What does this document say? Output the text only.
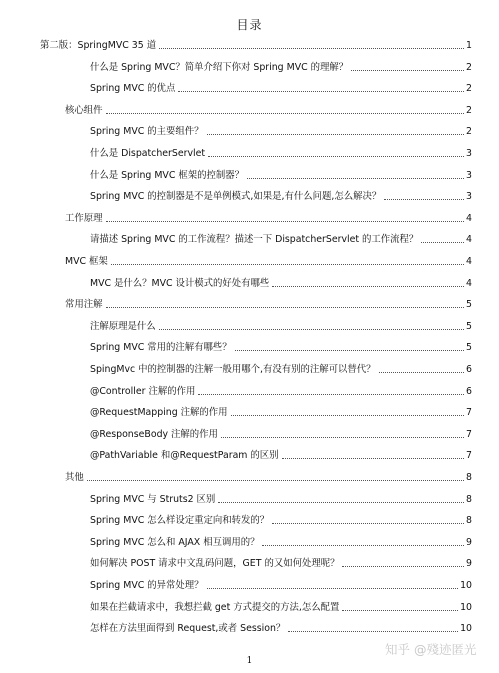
目录
第二版：SpringMVC 35 道	1
什么是 Spring MVC？简单介绍下你对 Spring MVC 的理解？	2
Spring MVC 的优点	2
核心组件	2
Spring MVC 的主要组件？	2
什么是 DispatcherServlet	3
什么是 Spring MVC 框架的控制器？	3
Spring MVC 的控制器是不是单例模式,如果是,有什么问题,怎么解决？	3
工作原理	4
请描述 Spring MVC 的工作流程？描述一下 DispatcherServlet 的工作流程？	4
MVC 框架	4
MVC 是什么？MVC 设计模式的好处有哪些	4
常用注解	5
注解原理是什么	5
Spring MVC 常用的注解有哪些？	5
SpingMvc 中的控制器的注解一般用哪个,有没有别的注解可以替代？	6
@Controller 注解的作用	6
@RequestMapping 注解的作用	7
@ResponseBody 注解的作用	7
@PathVariable 和@RequestParam 的区别	7
其他	8
Spring MVC 与 Struts2 区别	8
Spring MVC 怎么样设定重定向和转发的？	8
Spring MVC 怎么和 AJAX 相互调用的？	9
如何解决 POST 请求中文乱码问题，GET 的又如何处理呢？	9
Spring MVC 的异常处理？	10
如果在拦截请求中，我想拦截 get 方式提交的方法,怎么配置	10
怎样在方法里面得到 Request,或者 Session？	10
1
知乎 @殘迹匿光
